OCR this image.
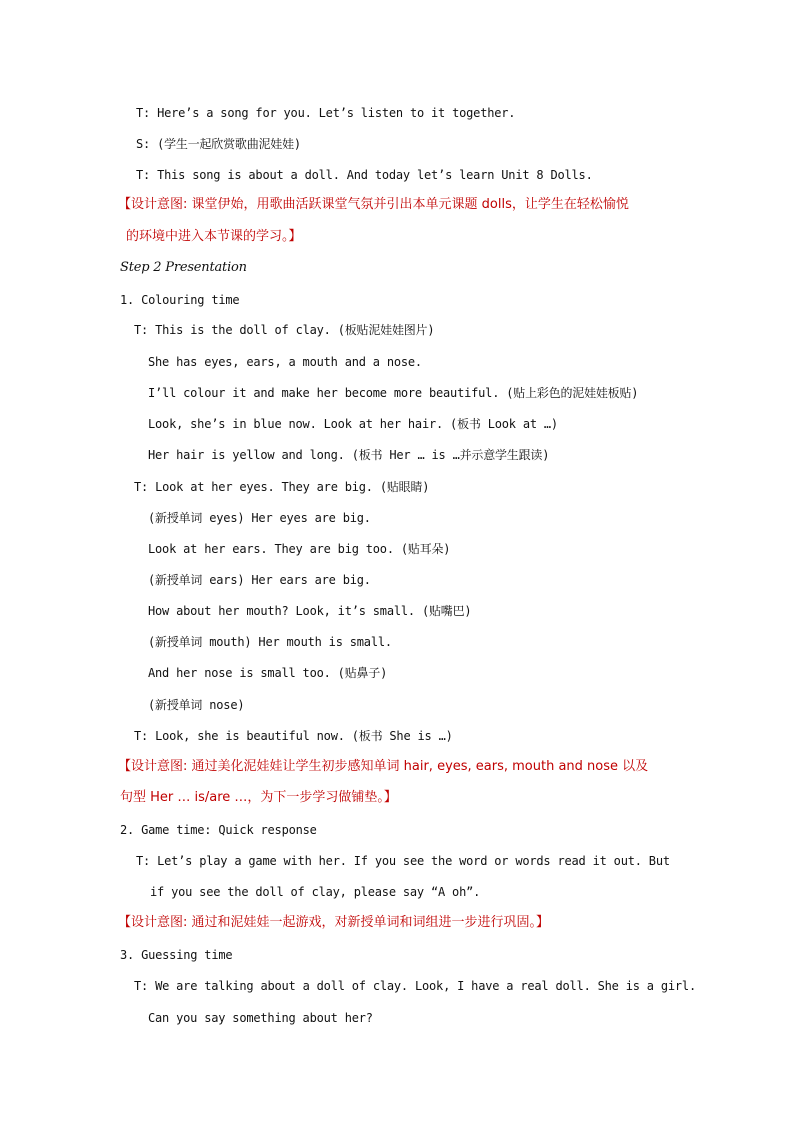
T: Here’s a song for you. Let’s listen to it together.
S: (学生一起欣赏歌曲泥娃娃)
T: This song is about a doll. And today let’s learn Unit 8 Dolls.
【设计意图: 课堂伊始，用歌曲活跃课堂气氛并引出本单元课题 dolls，让学生在轻松愉悦
的环境中进入本节课的学习。】
Step 2 Presentation
1. Colouring time
T: This is the doll of clay. (板贴泥娃娃图片)
She has eyes, ears, a mouth and a nose.
I’ll colour it and make her become more beautiful. (贴上彩色的泥娃娃板贴)
Look, she’s in blue now. Look at her hair. (板书 Look at …)
Her hair is yellow and long. (板书 Her … is …并示意学生跟读)
T: Look at her eyes. They are big. (贴眼睛)
(新授单词 eyes) Her eyes are big.
Look at her ears. They are big too. (贴耳朵)
(新授单词 ears) Her ears are big.
How about her mouth? Look, it’s small. (贴嘴巴)
(新授单词 mouth) Her mouth is small.
And her nose is small too. (贴鼻子)
(新授单词 nose)
T: Look, she is beautiful now. (板书 She is …)
【设计意图: 通过美化泥娃娃让学生初步感知单词 hair, eyes, ears, mouth and nose 以及
句型 Her … is/are …，为下一步学习做铺垫。】
2. Game time: Quick response
T: Let’s play a game with her. If you see the word or words read it out. But
if you see the doll of clay, please say “A oh”.
【设计意图: 通过和泥娃娃一起游戏，对新授单词和词组进一步进行巩固。】
3. Guessing time
T: We are talking about a doll of clay. Look, I have a real doll. She is a girl.
Can you say something about her?
